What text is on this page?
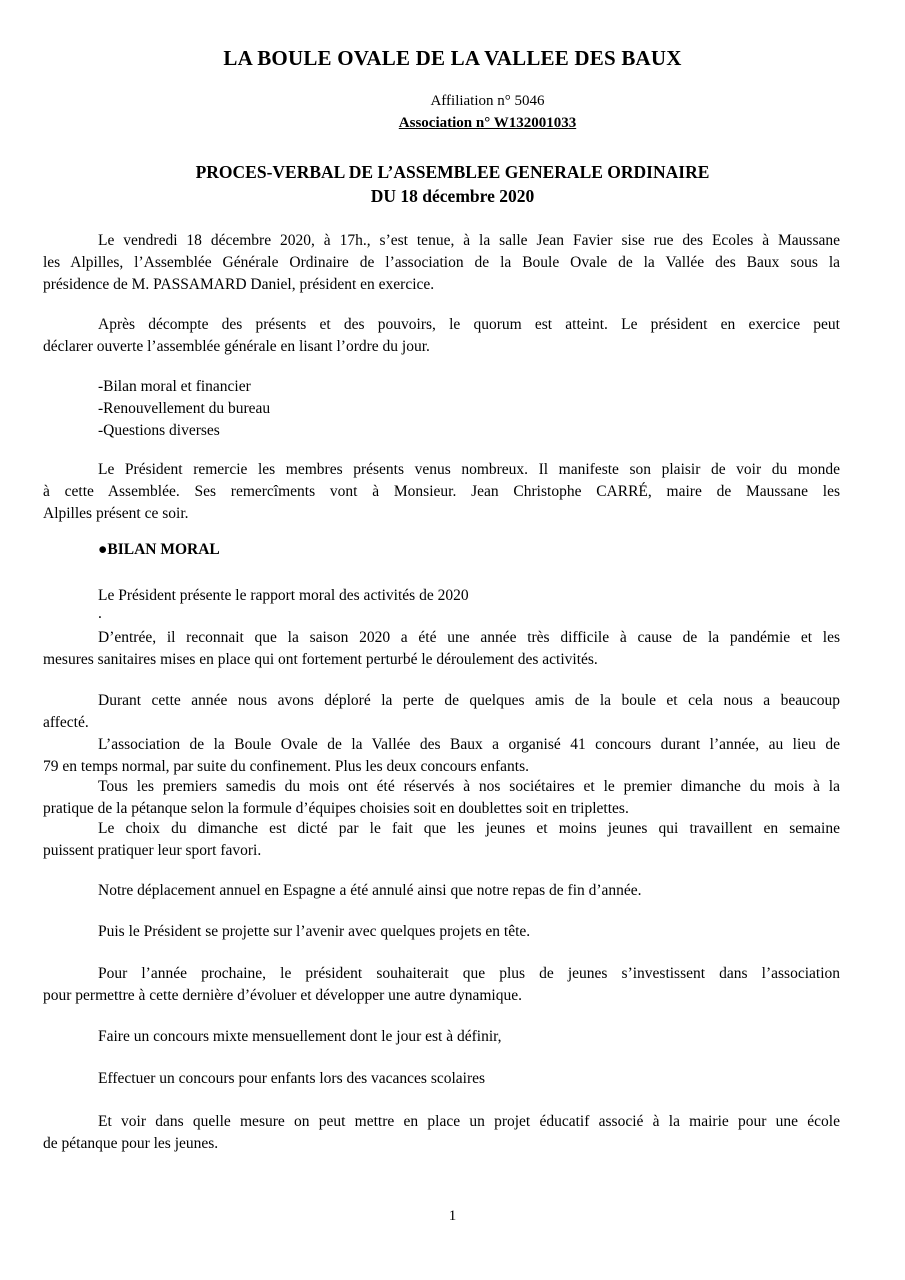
LA BOULE OVALE DE LA VALLEE DES BAUX
Affiliation n° 5046
Association n° W132001033
PROCES-VERBAL DE L’ASSEMBLEE GENERALE ORDINAIRE
DU 18 décembre 2020
Le vendredi 18 décembre 2020, à 17h., s’est tenue, à la salle Jean Favier sise rue des Ecoles à Maussane
les Alpilles, l’Assemblée Générale Ordinaire de l’association de la Boule Ovale de la Vallée des Baux sous la
présidence de M. PASSAMARD Daniel, président en exercice.
Après décompte des présents et des pouvoirs, le quorum est atteint. Le président en exercice peut
déclarer ouverte l’assemblée générale en lisant l’ordre du jour.
-Bilan moral et financier
-Renouvellement du bureau
-Questions diverses
Le Président remercie les membres présents venus nombreux. Il manifeste son plaisir de voir du monde
à cette Assemblée. Ses remercîments vont à Monsieur. Jean Christophe CARRÉ, maire de Maussane les
Alpilles présent ce soir.
●BILAN MORAL
Le Président présente le rapport moral des activités de 2020
.
D’entrée, il reconnait que la saison 2020 a été une année très difficile à cause de la pandémie et les
mesures sanitaires mises en place qui ont fortement perturbé le déroulement des activités.
Durant cette année nous avons déploré la perte de quelques amis de la boule et cela nous a beaucoup
affecté.
L’association de la Boule Ovale de la Vallée des Baux a organisé 41 concours durant l’année, au lieu de
79 en temps normal, par suite du confinement. Plus les deux concours enfants.
Tous les premiers samedis du mois ont été réservés à nos sociétaires et le premier dimanche du mois à la
pratique de la pétanque selon la formule d’équipes choisies soit en doublettes soit en triplettes.
Le choix du dimanche est dicté par le fait que les jeunes et moins jeunes qui travaillent en semaine
puissent pratiquer leur sport favori.
Notre déplacement annuel en Espagne a été annulé ainsi que notre repas de fin d’année.
Puis le Président se projette sur l’avenir avec quelques projets en tête.
Pour l’année prochaine, le président souhaiterait que plus de jeunes s’investissent dans l’association
pour permettre à cette dernière d’évoluer et développer une autre dynamique.
Faire un concours mixte mensuellement dont le jour est à définir,
Effectuer un concours pour enfants lors des vacances scolaires
Et voir dans quelle mesure on peut mettre en place un projet éducatif associé à la mairie pour une école
de pétanque pour les jeunes.
1
